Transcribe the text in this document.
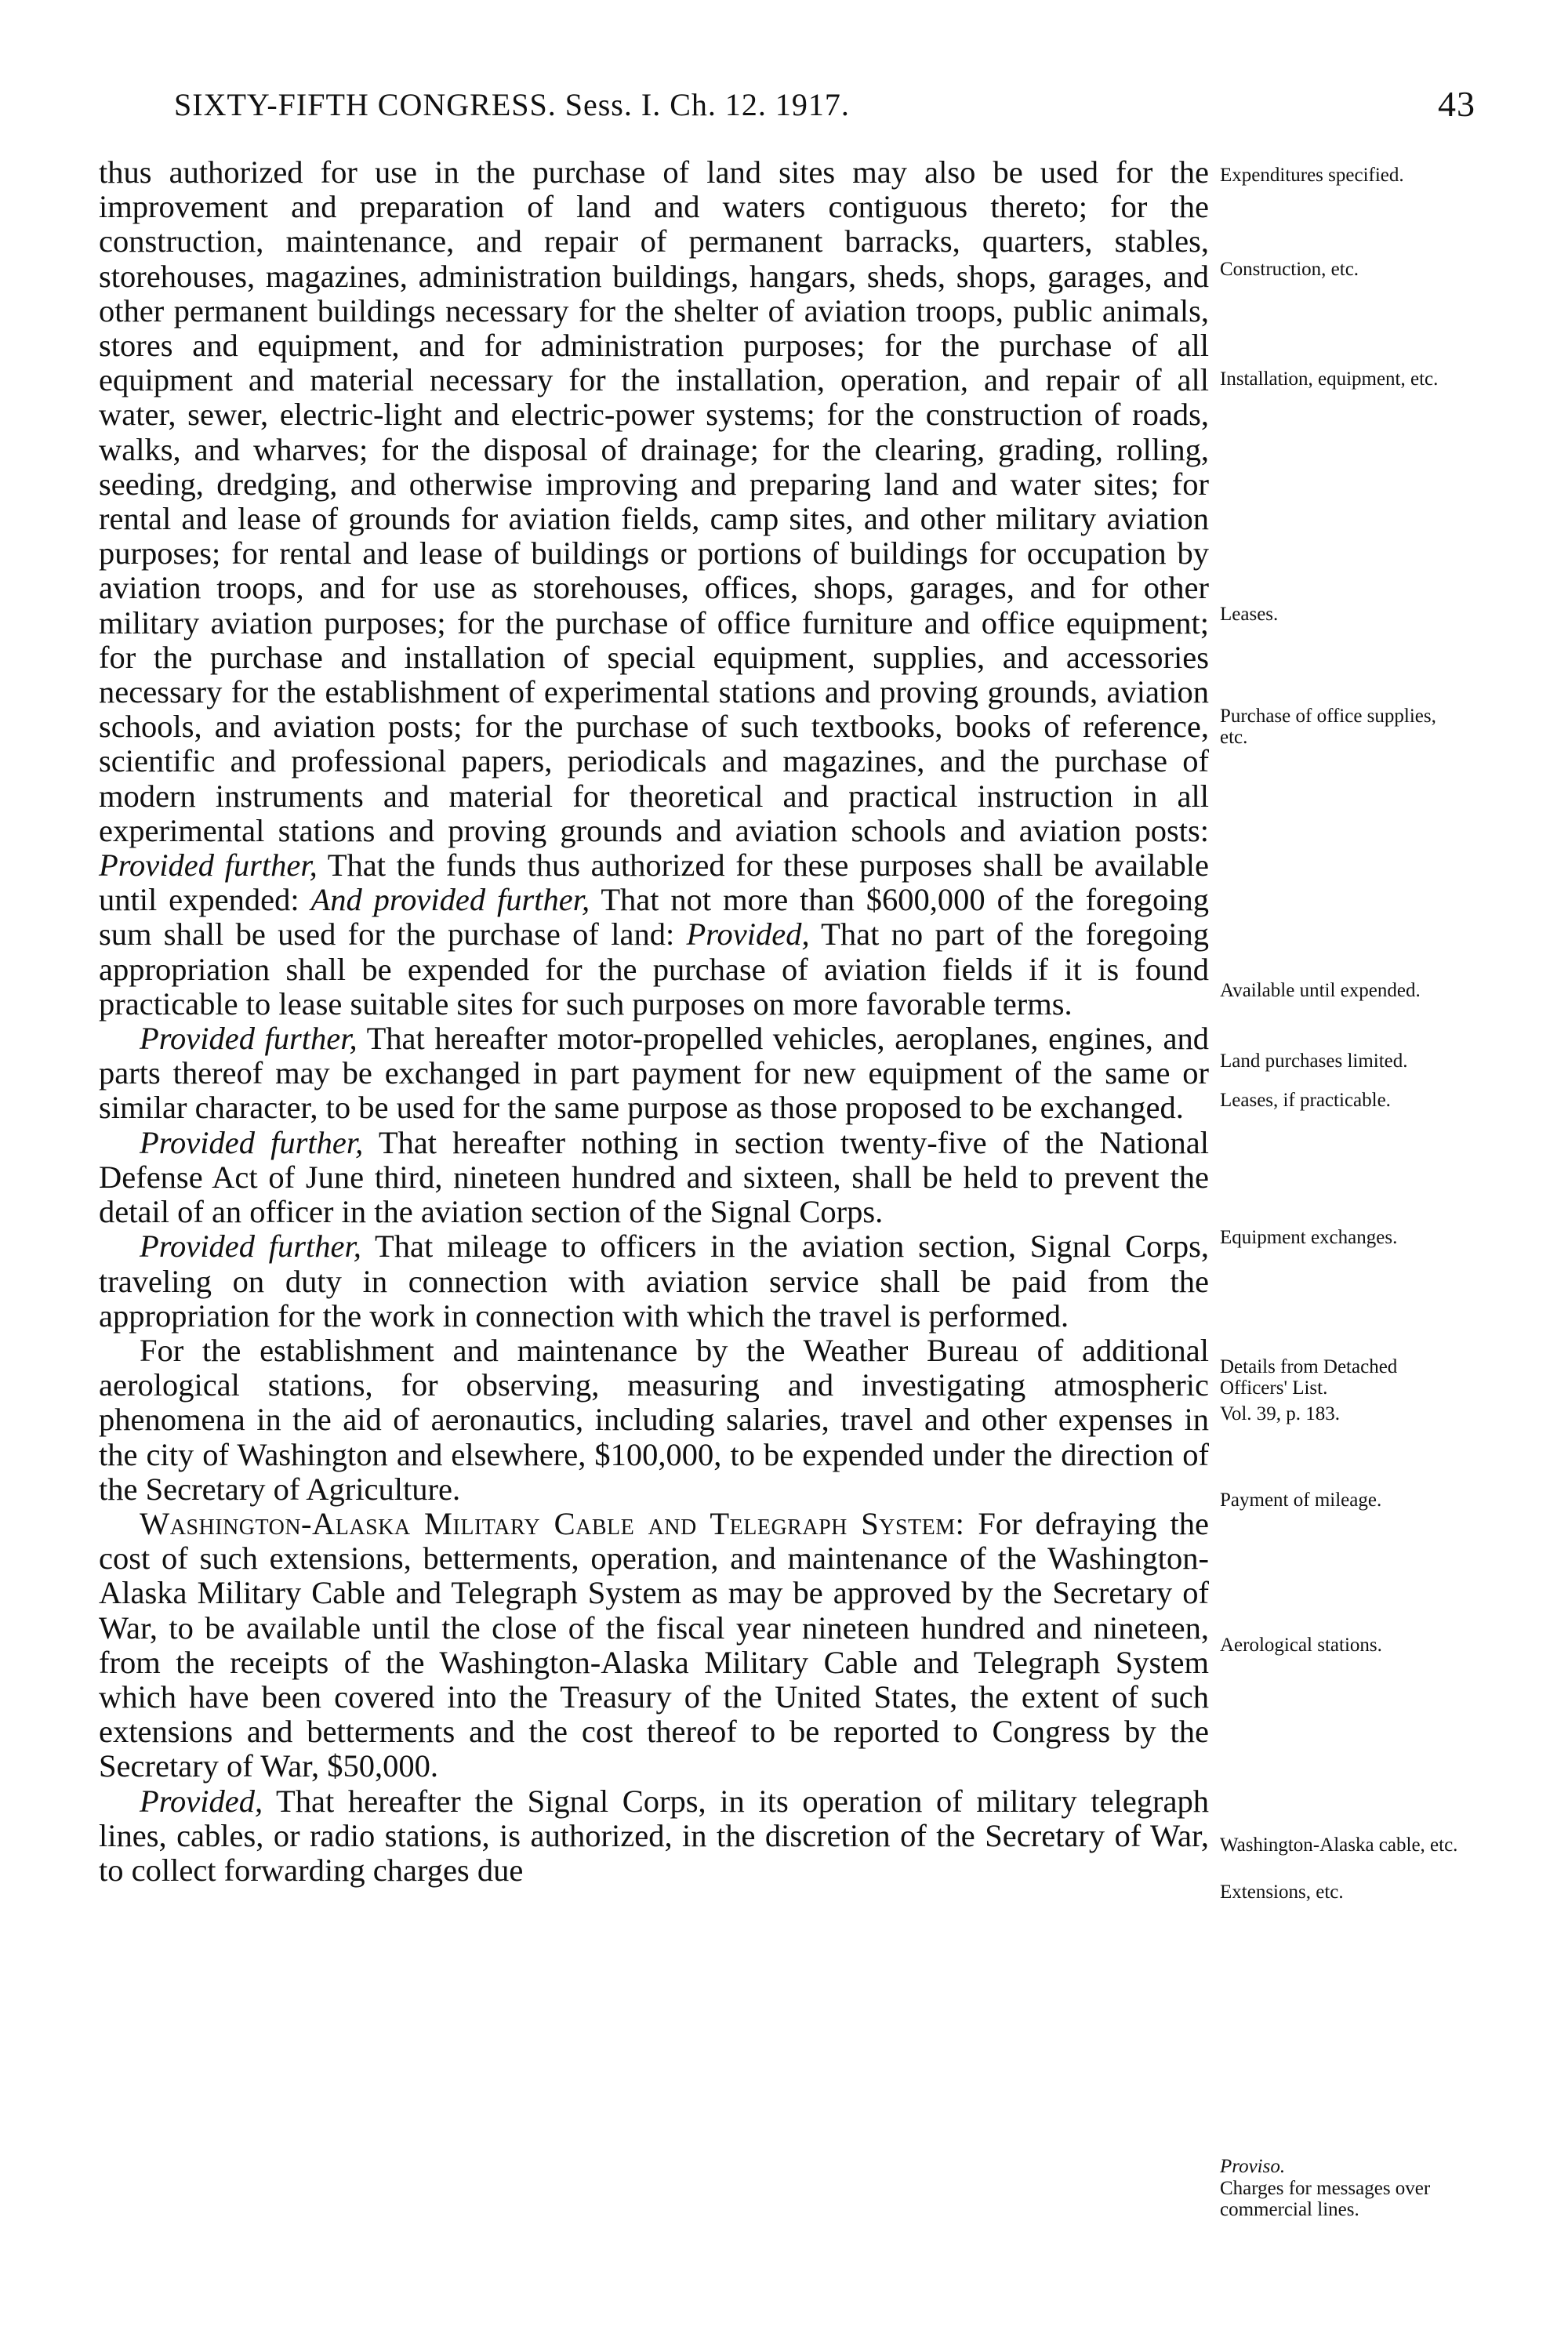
SIXTY-FIFTH CONGRESS. Sess. I. Ch. 12. 1917.	43

thus authorized for use in the purchase of land sites may also be used for the improvement and preparation of land and waters contiguous thereto; for the construction, maintenance, and repair of permanent barracks, quarters, stables, storehouses, magazines, administration buildings, hangars, sheds, shops, garages, and other permanent buildings necessary for the shelter of aviation troops, public animals, stores and equipment, and for administration purposes; for the purchase of all equipment and material necessary for the installation, operation, and repair of all water, sewer, electric-light and electric-power systems; for the construction of roads, walks, and wharves; for the disposal of drainage; for the clearing, grading, rolling, seeding, dredging, and otherwise improving and preparing land and water sites; for rental and lease of grounds for aviation fields, camp sites, and other military aviation purposes; for rental and lease of buildings or portions of buildings for occupation by aviation troops, and for use as storehouses, offices, shops, garages, and for other military aviation purposes; for the purchase of office furniture and office equipment; for the purchase and installation of special equipment, supplies, and accessories necessary for the establishment of experimental stations and proving grounds, aviation schools, and aviation posts; for the purchase of such textbooks, books of reference, scientific and professional papers, periodicals and magazines, and the purchase of modern instruments and material for theoretical and practical instruction in all experimental stations and proving grounds and aviation schools and aviation posts: Provided further, That the funds thus authorized for these purposes shall be available until expended: And provided further, That not more than $600,000 of the foregoing sum shall be used for the purchase of land: Provided, That no part of the foregoing appropriation shall be expended for the purchase of aviation fields if it is found practicable to lease suitable sites for such purposes on more favorable terms.

Provided further, That hereafter motor-propelled vehicles, aeroplanes, engines, and parts thereof may be exchanged in part payment for new equipment of the same or similar character, to be used for the same purpose as those proposed to be exchanged.

Provided further, That hereafter nothing in section twenty-five of the National Defense Act of June third, nineteen hundred and sixteen, shall be held to prevent the detail of an officer in the aviation section of the Signal Corps.

Provided further, That mileage to officers in the aviation section, Signal Corps, traveling on duty in connection with aviation service shall be paid from the appropriation for the work in connection with which the travel is performed.

For the establishment and maintenance by the Weather Bureau of additional aerological stations, for observing, measuring and investigating atmospheric phenomena in the aid of aeronautics, including salaries, travel and other expenses in the city of Washington and elsewhere, $100,000, to be expended under the direction of the Secretary of Agriculture.

Washington-Alaska Military Cable and Telegraph System: For defraying the cost of such extensions, betterments, operation, and maintenance of the Washington-Alaska Military Cable and Telegraph System as may be approved by the Secretary of War, to be available until the close of the fiscal year nineteen hundred and nineteen, from the receipts of the Washington-Alaska Military Cable and Telegraph System which have been covered into the Treasury of the United States, the extent of such extensions and betterments and the cost thereof to be reported to Congress by the Secretary of War, $50,000.

Provided, That hereafter the Signal Corps, in its operation of military telegraph lines, cables, or radio stations, is authorized, in the discretion of the Secretary of War, to collect forwarding charges due

Expenditures specified.
Construction, etc.
Installation, equipment, etc.
Leases.
Purchase of office supplies, etc.
Available until expended.
Land purchases limited.
Leases, if practicable.
Equipment exchanges.
Details from Detached Officers' List.
Vol. 39, p. 183.
Payment of mileage.
Aerological stations.
Washington-Alaska cable, etc.
Extensions, etc.
Proviso.
Charges for messages over commercial lines.
